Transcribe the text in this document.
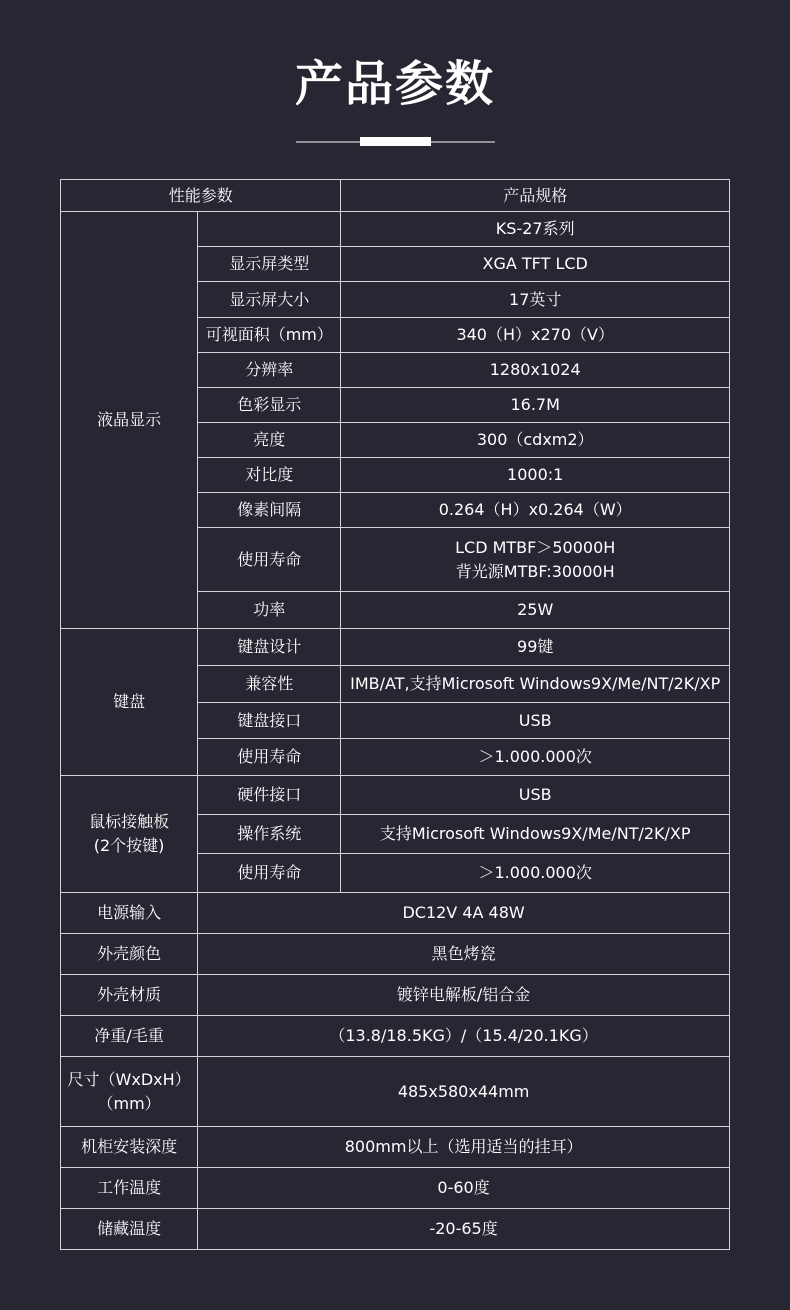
产品参数
性能参数		产品规格
液晶显示		KS-27系列
	显示屏类型	XGA TFT LCD
	显示屏大小	17英寸
	可视面积（mm）	340（H）x270（V）
	分辨率	1280x1024
	色彩显示	16.7M
	亮度	300（cdxm2）
	对比度	1000:1
	像素间隔	0.264（H）x0.264（W）
	使用寿命	LCD MTBF＞50000H
背光源MTBF:30000H

	功率	25W
键盘	键盘设计	99键
	兼容性	IMB/AT,支持Microsoft Windows9X/Me/NT/2K/XP
	键盘接口	USB
	使用寿命	＞1.000.000次

鼠标接触板
(2个按键)	硬件接口	USB
	操作系统	支持Microsoft Windows9X/Me/NT/2K/XP
	使用寿命	＞1.000.000次
电源输入	DC12V 4A 48W	
外壳颜色	黑色烤瓷	
外壳材质	镀锌电解板/铝合金	
净重/毛重	（13.8/18.5KG）/（15.4/20.1KG）	

尺寸（WxDxH）
（mm）	485x580x44mm	
机柜安装深度	800mm以上（选用适当的挂耳）	
工作温度	0-60度	
储藏温度	-20-65度	
